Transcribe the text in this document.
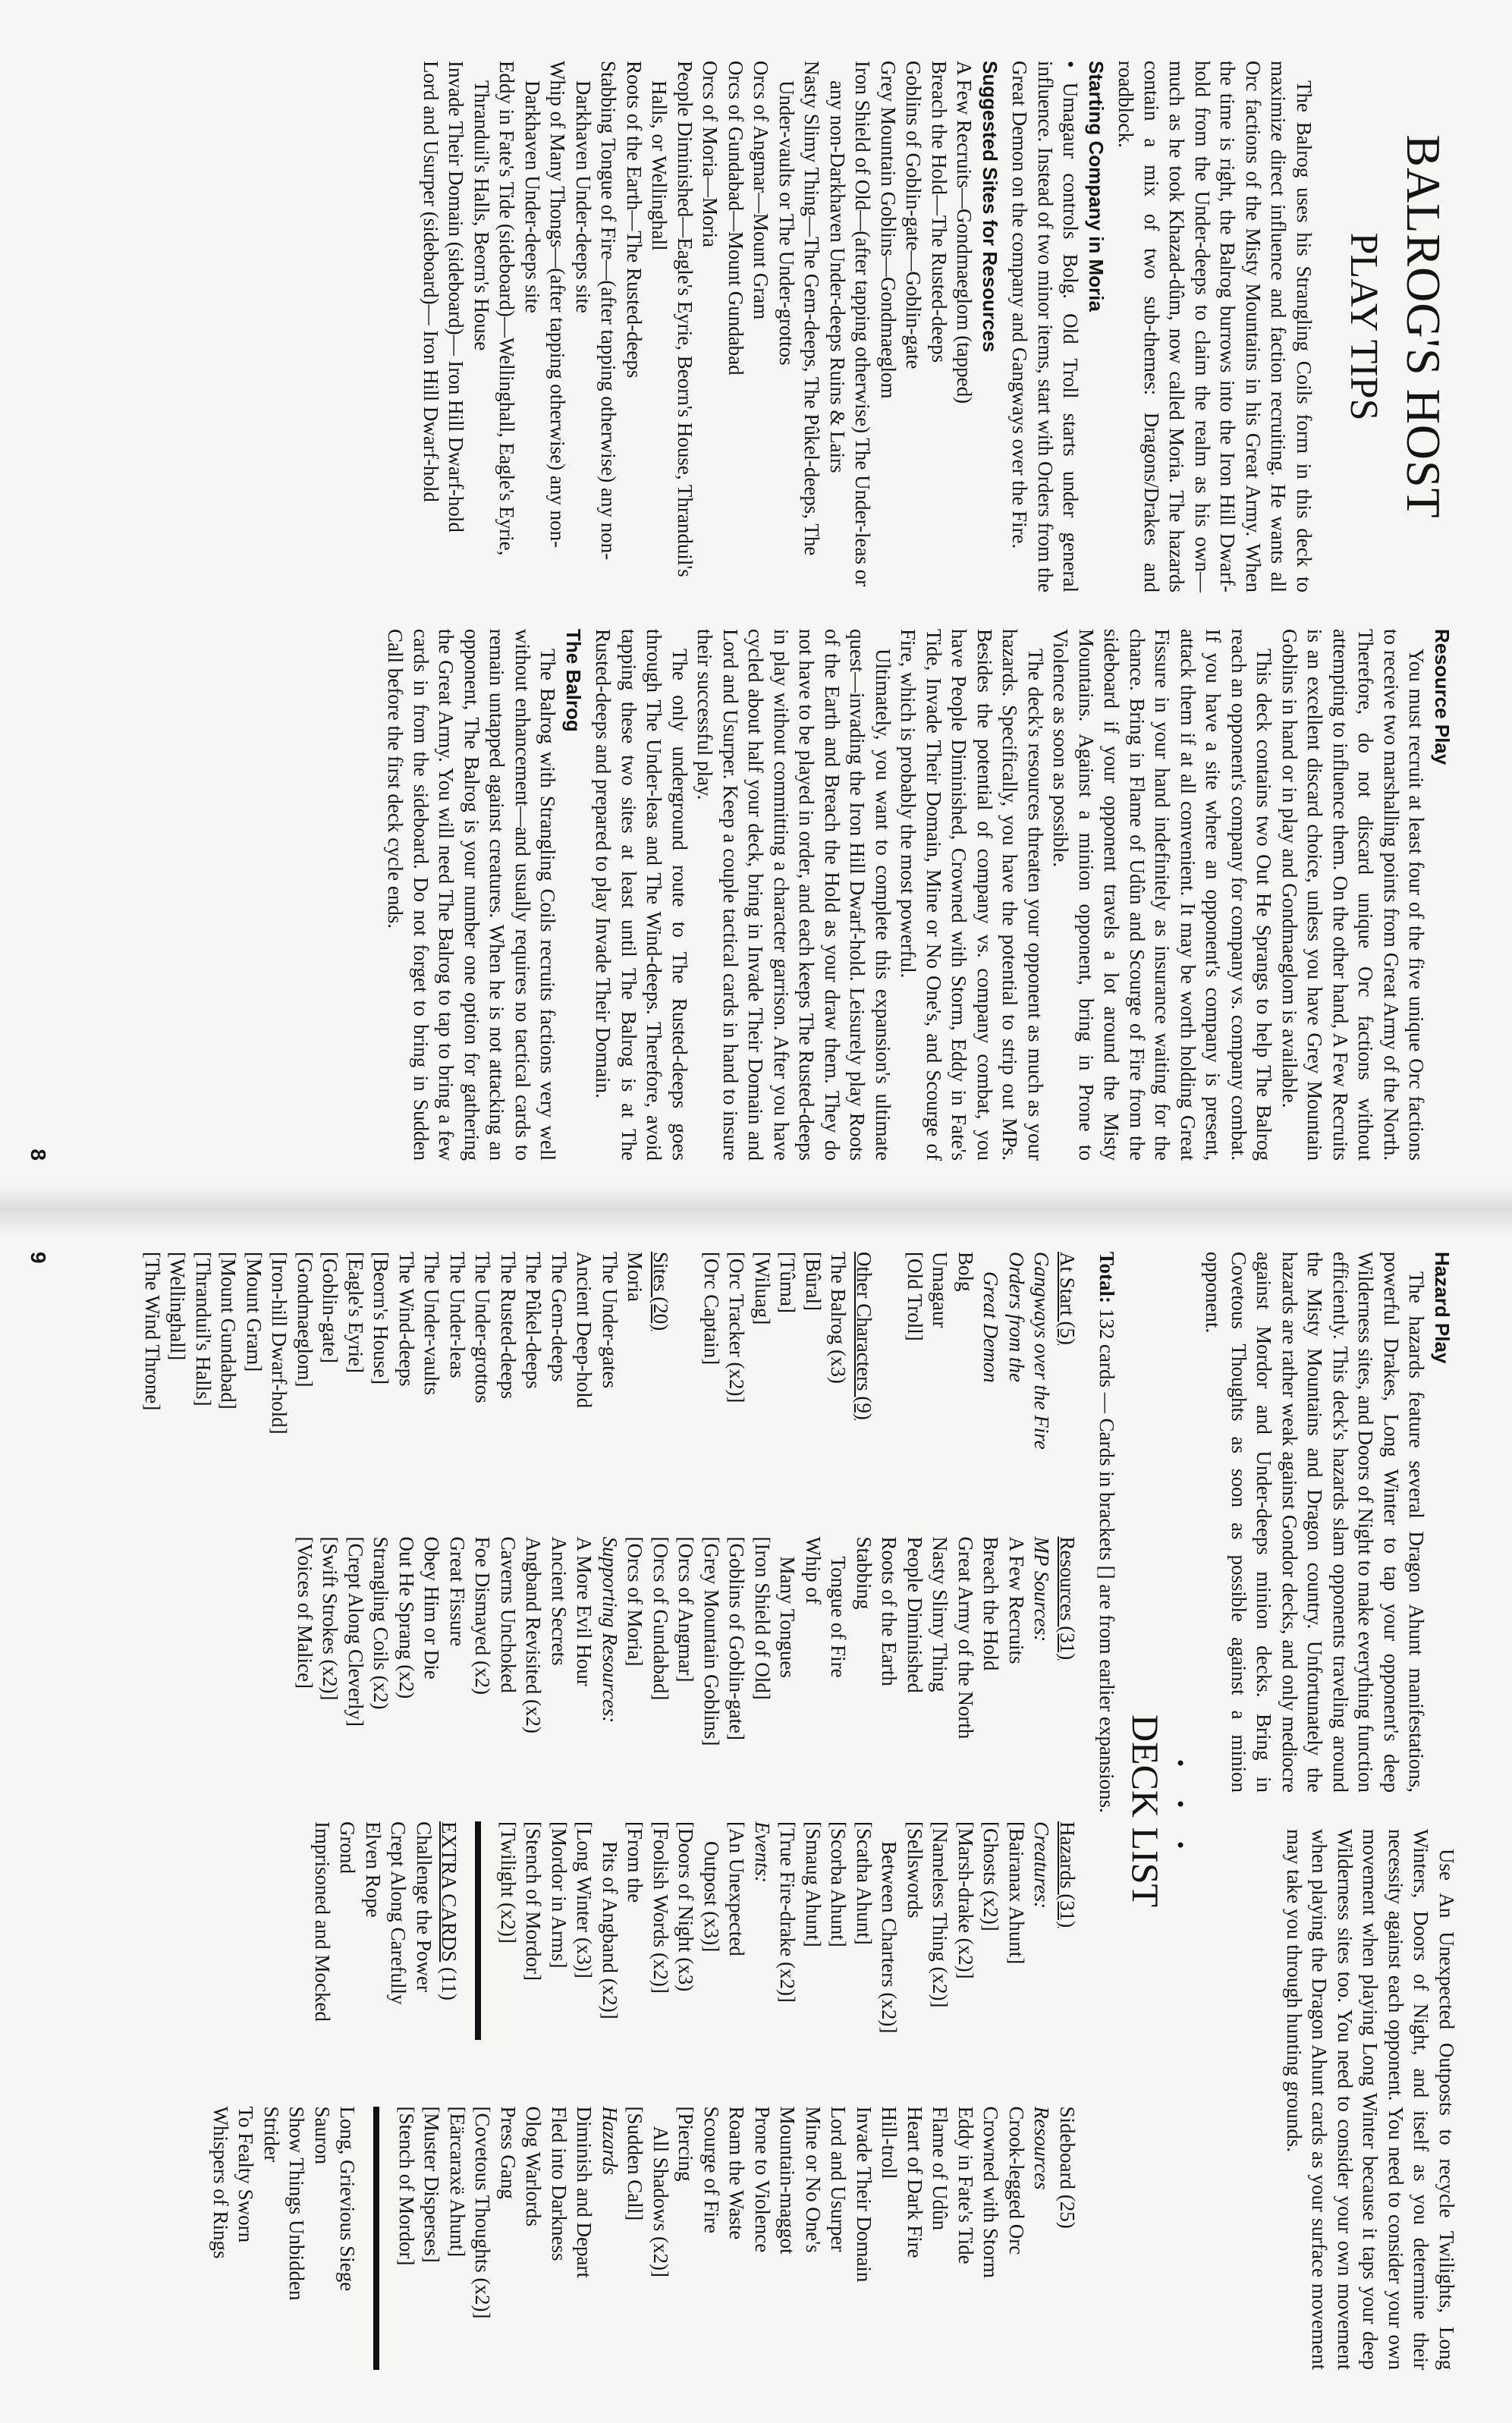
BALROG'S HOST
PLAY TIPS

The Balrog uses his Strangling Coils form in this deck to maximize direct influence and faction recruiting. He wants all Orc factions of the Misty Mountains in his Great Army. When the time is right, the Balrog burrows into the Iron Hill Dwarf-hold from the Under-deeps to claim the realm as his own—much as he took Khazad-dûm, now called Moria. The hazards contain a mix of two sub-themes: Dragons/Drakes and roadblock.

Starting Company in Moria

• Umagaur controls Bolg. Old Troll starts under general influence. Instead of two minor items, start with Orders from the Great Demon on the company and Gangways over the Fire.

Suggested Sites for Resources
A Few Recruits—Gondmaeglom (tapped)
Breach the Hold—The Rusted-deeps
Goblins of Goblin-gate—Goblin-gate
Grey Mountain Goblins—Gondmaeglom
Iron Shield of Old—(after tapping otherwise) The Under-leas or any non-Darkhaven Under-deeps Ruins & Lairs
Nasty Slimy Thing—The Gem-deeps, The Pûkel-deeps, The Under-vaults or The Under-grottos
Orcs of Angmar—Mount Gram
Orcs of Gundabad—Mount Gundabad
Orcs of Moria—Moria
People Diminished—Eagle's Eyrie, Beorn's House, Thranduil's Halls, or Wellinghall
Roots of the Earth—The Rusted-deeps
Stabbing Tongue of Fire—(after tapping otherwise) any non-Darkhaven Under-deeps site
Whip of Many Thongs—(after tapping otherwise) any non-Darkhaven Under-deeps site
Eddy in Fate's Tide (sideboard)—Wellinghall, Eagle's Eyrie, Thranduil's Halls, Beorn's House
Invade Their Domain (sideboard)— Iron Hill Dwarf-hold
Lord and Usurper (sideboard)— Iron Hill Dwarf-hold
Resource Play

You must recruit at least four of the five unique Orc factions to receive two marshalling points from Great Army of the North. Therefore, do not discard unique Orc factions without attempting to influence them. On the other hand, A Few Recruits is an excellent discard choice, unless you have Grey Mountain Goblins in hand or in play and Gondmaeglom is available.

This deck contains two Out He Sprangs to help The Balrog reach an opponent's company for company vs. company combat. If you have a site where an opponent's company is present, attack them if at all convenient. It may be worth holding Great Fissure in your hand indefinitely as insurance waiting for the chance. Bring in Flame of Udûn and Scourge of Fire from the sideboard if your opponent travels a lot around the Misty Mountains. Against a minion opponent, bring in Prone to Violence as soon as possible.

The deck's resources threaten your opponent as much as your hazards. Specifically, you have the potential to strip out MPs. Besides the potential of company vs. company combat, you have People Diminished, Crowned with Storm, Eddy in Fate's Tide, Invade Their Domain, Mine or No One's, and Scourge of Fire, which is probably the most powerful.

Ultimately, you want to complete this expansion's ultimate quest—invading the Iron Hill Dwarf-hold. Leisurely play Roots of the Earth and Breach the Hold as your draw them. They do not have to be played in order, and each keeps The Rusted-deeps in play without committing a character garrison. After you have cycled about half your deck, bring in Invade Their Domain and Lord and Usurper. Keep a couple tactical cards in hand to insure their successful play.

The only underground route to The Rusted-deeps goes through The Under-leas and The Wind-deeps. Therefore, avoid tapping these two sites at least until The Balrog is at The Rusted-deeps and prepared to play Invade Their Domain.

The Balrog

The Balrog with Strangling Coils recruits factions very well without enhancement—and usually requires no tactical cards to remain untapped against creatures. When he is not attacking an opponent, The Balrog is your number one option for gathering the Great Army. You will need The Balrog to tap to bring a few cards in from the sideboard. Do not forget to bring in Sudden Call before the first deck cycle ends.

8
Hazard Play

The hazards feature several Dragon Ahunt manifestations, powerful Drakes, Long Winter to tap your opponent's deep Wilderness sites, and Doors of Night to make everything function efficiently. This deck's hazards slam opponents traveling around the Misty Mountains and Dragon country. Unfortunately the hazards are rather weak against Gondor decks, and only mediocre against Mordor and Under-deeps minion decks. Bring in Covetous Thoughts as soon as possible against a minion opponent.

Use An Unexpected Outposts to recycle Twilights, Long Winters, Doors of Night, and itself as you determine their necessity against each opponent. You need to consider your own movement when playing Long Winter because it taps your deep Wilderness sites too. You need to consider your own movement when playing the Dragon Ahunt cards as your surface movement may take you through hunting grounds.

• • •
DECK LIST
Total: 132 cards — Cards in brackets [] are from earlier expansions.
At Start (5)
Gangways over the Fire
Orders from the
Great Demon
Bolg
Umagaur
[Old Troll]
Other Characters (9)
The Balrog (x3)
[Bûral]
[Tûma]
[Wiluag]
[Orc Tracker (x2)]
[Orc Captain]
Sites (20)
Moria
The Under-gates
Ancient Deep-hold
The Gem-deeps
The Pûkel-deeps
The Rusted-deeps
The Under-grottos
The Under-leas
The Under-vaults
The Wind-deeps
[Beorn's House]
[Eagle's Eyrie]
[Goblin-gate]
[Gondmaeglom]
[Iron-hill Dwarf-hold]
[Mount Gram]
[Mount Gundabad]
[Thranduil's Halls]
[Wellinghall]
[The Wind Throne]
Resources (31)
MP Sources:
A Few Recruits
Breach the Hold
Great Army of the North
Nasty Slimy Thing
People Diminished
Roots of the Earth
Stabbing
Tongue of Fire
Whip of
Many Tongues
[Iron Shield of Old]
[Goblins of Goblin-gate]
[Grey Mountain Goblins]
[Orcs of Angmar]
[Orcs of Gundabad]
[Orcs of Moria]
Supporting Resources:
A More Evil Hour
Ancient Secrets
Angband Revisited (x2)
Caverns Unchoked
Foe Dismayed (x2)
Great Fissure
Obey Him or Die
Out He Sprang (x2)
Strangling Coils (x2)
[Crept Along Cleverly]
[Swift Strokes (x2)]
[Voices of Malice]
Hazards (31)
Creatures:
[Bairanax Ahunt]
[Ghosts (x2)]
[Marsh-drake (x2)]
[Nameless Thing (x2)]
[Sellswords
Between Charters (x2)]
[Scatha Ahunt]
[Scorba Ahunt]
[Smaug Ahunt]
[True Fire-drake (x2)]
Events:
[An Unexpected
Outpost (x3)]
[Doors of Night (x3)
[Foolish Words (x2)]
[From the
Pits of Angband (x2)]
[Long Winter (x3)]
[Mordor in Arms]
[Stench of Mordor]
[Twilight (x2)]
EXTRA CARDS (11)
Challenge the Power
Crept Along Carefully
Elven Rope
Grond
Imprisoned and Mocked
Sideboard (25)
Resources
Crook-legged Orc
Crowned with Storm
Eddy in Fate's Tide
Flame of Udûn
Heart of Dark Fire
Hill-troll
Invade Their Domain
Lord and Usurper
Mine or No One's
Mountain-maggot
Prone to Violence
Roam the Waste
Scourge of Fire
[Piercing
All Shadows (x2)]
[Sudden Call]
Hazards
Diminish and Depart
Fled into Darkness
Olog Warlords
Press Gang
[Covetous Thoughts (x2)]
[Eärcaraxë Ahunt]
[Muster Disperses]
[Stench of Mordor]
Long, Grievious Siege
Sauron
Show Things Unbidden
Strider
To Fealty Sworn
Whispers of Rings
9
